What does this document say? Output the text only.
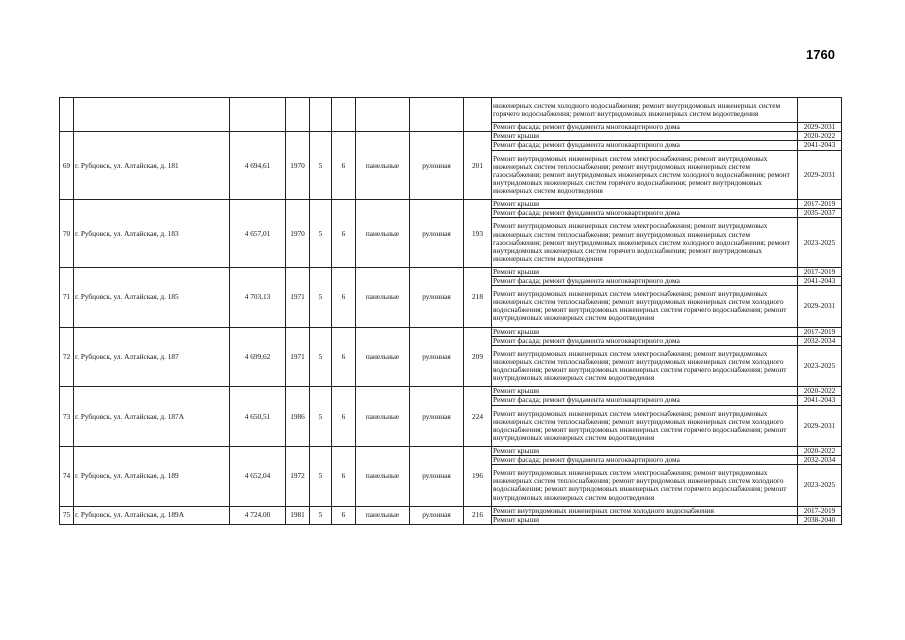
1760
									инженерных систем холодного водоснабжения; ремонт внутридомовых инженерных систем горячего водоснабжения; ремонт внутридомовых инженерных систем водоотведения	
									Ремонт фасада; ремонт фундамента многоквартирного дома	2029-2031
69	г. Рубцовск, ул. Алтайская, д. 181	4 694,61	1970	5	6	панельные	рулонная	201	Ремонт крыши	2020-2022
									Ремонт фасада; ремонт фундамента многоквартирного дома	2041-2043
									Ремонт внутридомовых инженерных систем электроснабжения; ремонт внутридомовых инженерных систем теплоснабжения; ремонт внутридомовых инженерных систем газоснабжения; ремонт внутридомовых инженерных систем холодного водоснабжения; ремонт внутридомовых инженерных систем горячего водоснабжения; ремонт внутридомовых инженерных систем водоотведения	2029-2031
70	г. Рубцовск, ул. Алтайская, д. 183	4 657,01	1970	5	6	панельные	рулонная	193	Ремонт крыши	2017-2019
									Ремонт фасада; ремонт фундамента многоквартирного дома	2035-2037
									Ремонт внутридомовых инженерных систем электроснабжения; ремонт внутридомовых инженерных систем теплоснабжения; ремонт внутридомовых инженерных систем газоснабжения; ремонт внутридомовых инженерных систем холодного водоснабжения; ремонт внутридомовых инженерных систем горячего водоснабжения; ремонт внутридомовых инженерных систем водоотведения	2023-2025
71	г. Рубцовск, ул. Алтайская, д. 185	4 703,13	1971	5	6	панельные	рулонная	218	Ремонт крыши	2017-2019
									Ремонт фасада; ремонт фундамента многоквартирного дома	2041-2043
									Ремонт внутридомовых инженерных систем электроснабжения; ремонт внутридомовых инженерных систем теплоснабжения; ремонт внутридомовых инженерных систем холодного водоснабжения; ремонт внутридомовых инженерных систем горячего водоснабжения; ремонт внутридомовых инженерных систем водоотведения	2029-2031
72	г. Рубцовск, ул. Алтайская, д. 187	4 699,62	1971	5	6	панельные	рулонная	209	Ремонт крыши	2017-2019
									Ремонт фасада; ремонт фундамента многоквартирного дома	2032-2034
									Ремонт внутридомовых инженерных систем электроснабжения; ремонт внутридомовых инженерных систем теплоснабжения; ремонт внутридомовых инженерных систем холодного водоснабжения; ремонт внутридомовых инженерных систем горячего водоснабжения; ремонт внутридомовых инженерных систем водоотведения	2023-2025
73	г. Рубцовск, ул. Алтайская, д. 187А	4 650,51	1986	5	6	панельные	рулонная	224	Ремонт крыши	2020-2022
									Ремонт фасада; ремонт фундамента многоквартирного дома	2041-2043
									Ремонт внутридомовых инженерных систем электроснабжения; ремонт внутридомовых инженерных систем теплоснабжения; ремонт внутридомовых инженерных систем холодного водоснабжения; ремонт внутридомовых инженерных систем горячего водоснабжения; ремонт внутридомовых инженерных систем водоотведения	2029-2031
74	г. Рубцовск, ул. Алтайская, д. 189	4 652,04	1972	5	6	панельные	рулонная	196	Ремонт крыши	2020-2022
									Ремонт фасада; ремонт фундамента многоквартирного дома	2032-2034
									Ремонт внутридомовых инженерных систем электроснабжения; ремонт внутридомовых инженерных систем теплоснабжения; ремонт внутридомовых инженерных систем холодного водоснабжения; ремонт внутридомовых инженерных систем горячего водоснабжения; ремонт внутридомовых инженерных систем водоотведения	2023-2025
75	г. Рубцовск, ул. Алтайская, д. 189А	4 724,00	1981	5	6	панельные	рулонная	216	Ремонт внутридомовых инженерных систем холодного водоснабжения	2017-2019
									Ремонт крыши	2038-2040
